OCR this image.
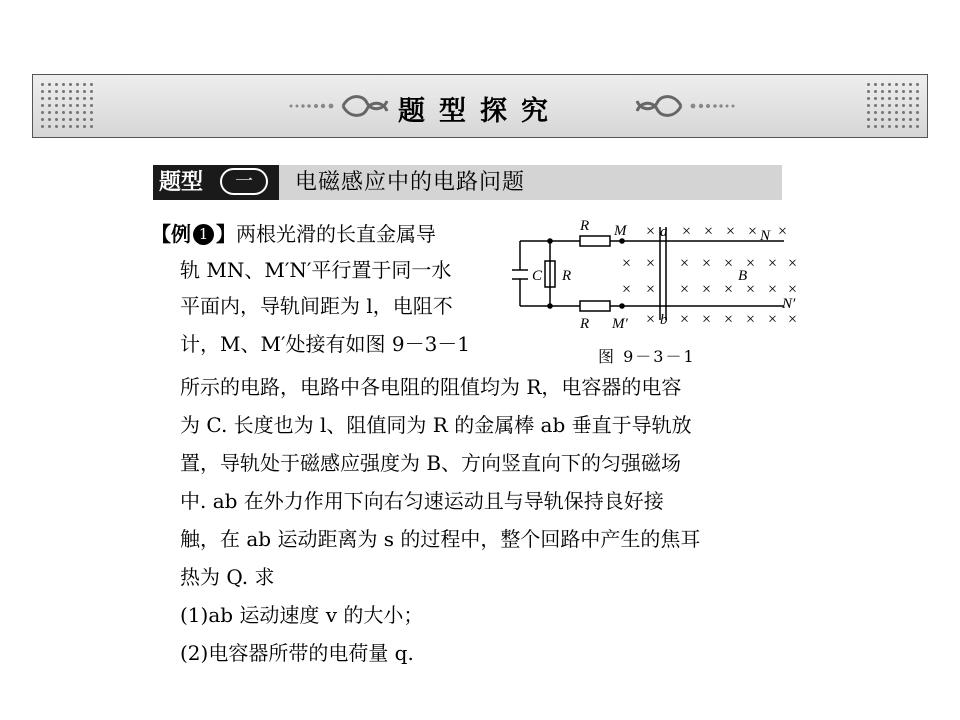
题型探究
题型	一	电磁感应中的电路问题
【例 1 】两根光滑的长直金属导
轨 MN、M′N′平行置于同一水
平面内，导轨间距为 l，电阻不
计，M、M′处接有如图 9－3－1
所示的电路，电路中各电阻的阻值均为 R，电容器的电容
为 C. 长度也为 l、阻值同为 R 的金属棒 ab 垂直于导轨放
置，导轨处于磁感应强度为 B、方向竖直向下的匀强磁场
中. ab 在外力作用下向右匀速运动且与导轨保持良好接
触，在 ab 运动距离为 s 的过程中，整个回路中产生的焦耳
热为 Q. 求
(1)ab 运动速度 v 的大小；
(2)电容器所带的电荷量 q.
R
R
R
C
M
M′
N
N′
a
b
B
× × × × × ×
× × × × × × × ×
× × × × × × × ×
× × × × × × ×
图 9－3－1
